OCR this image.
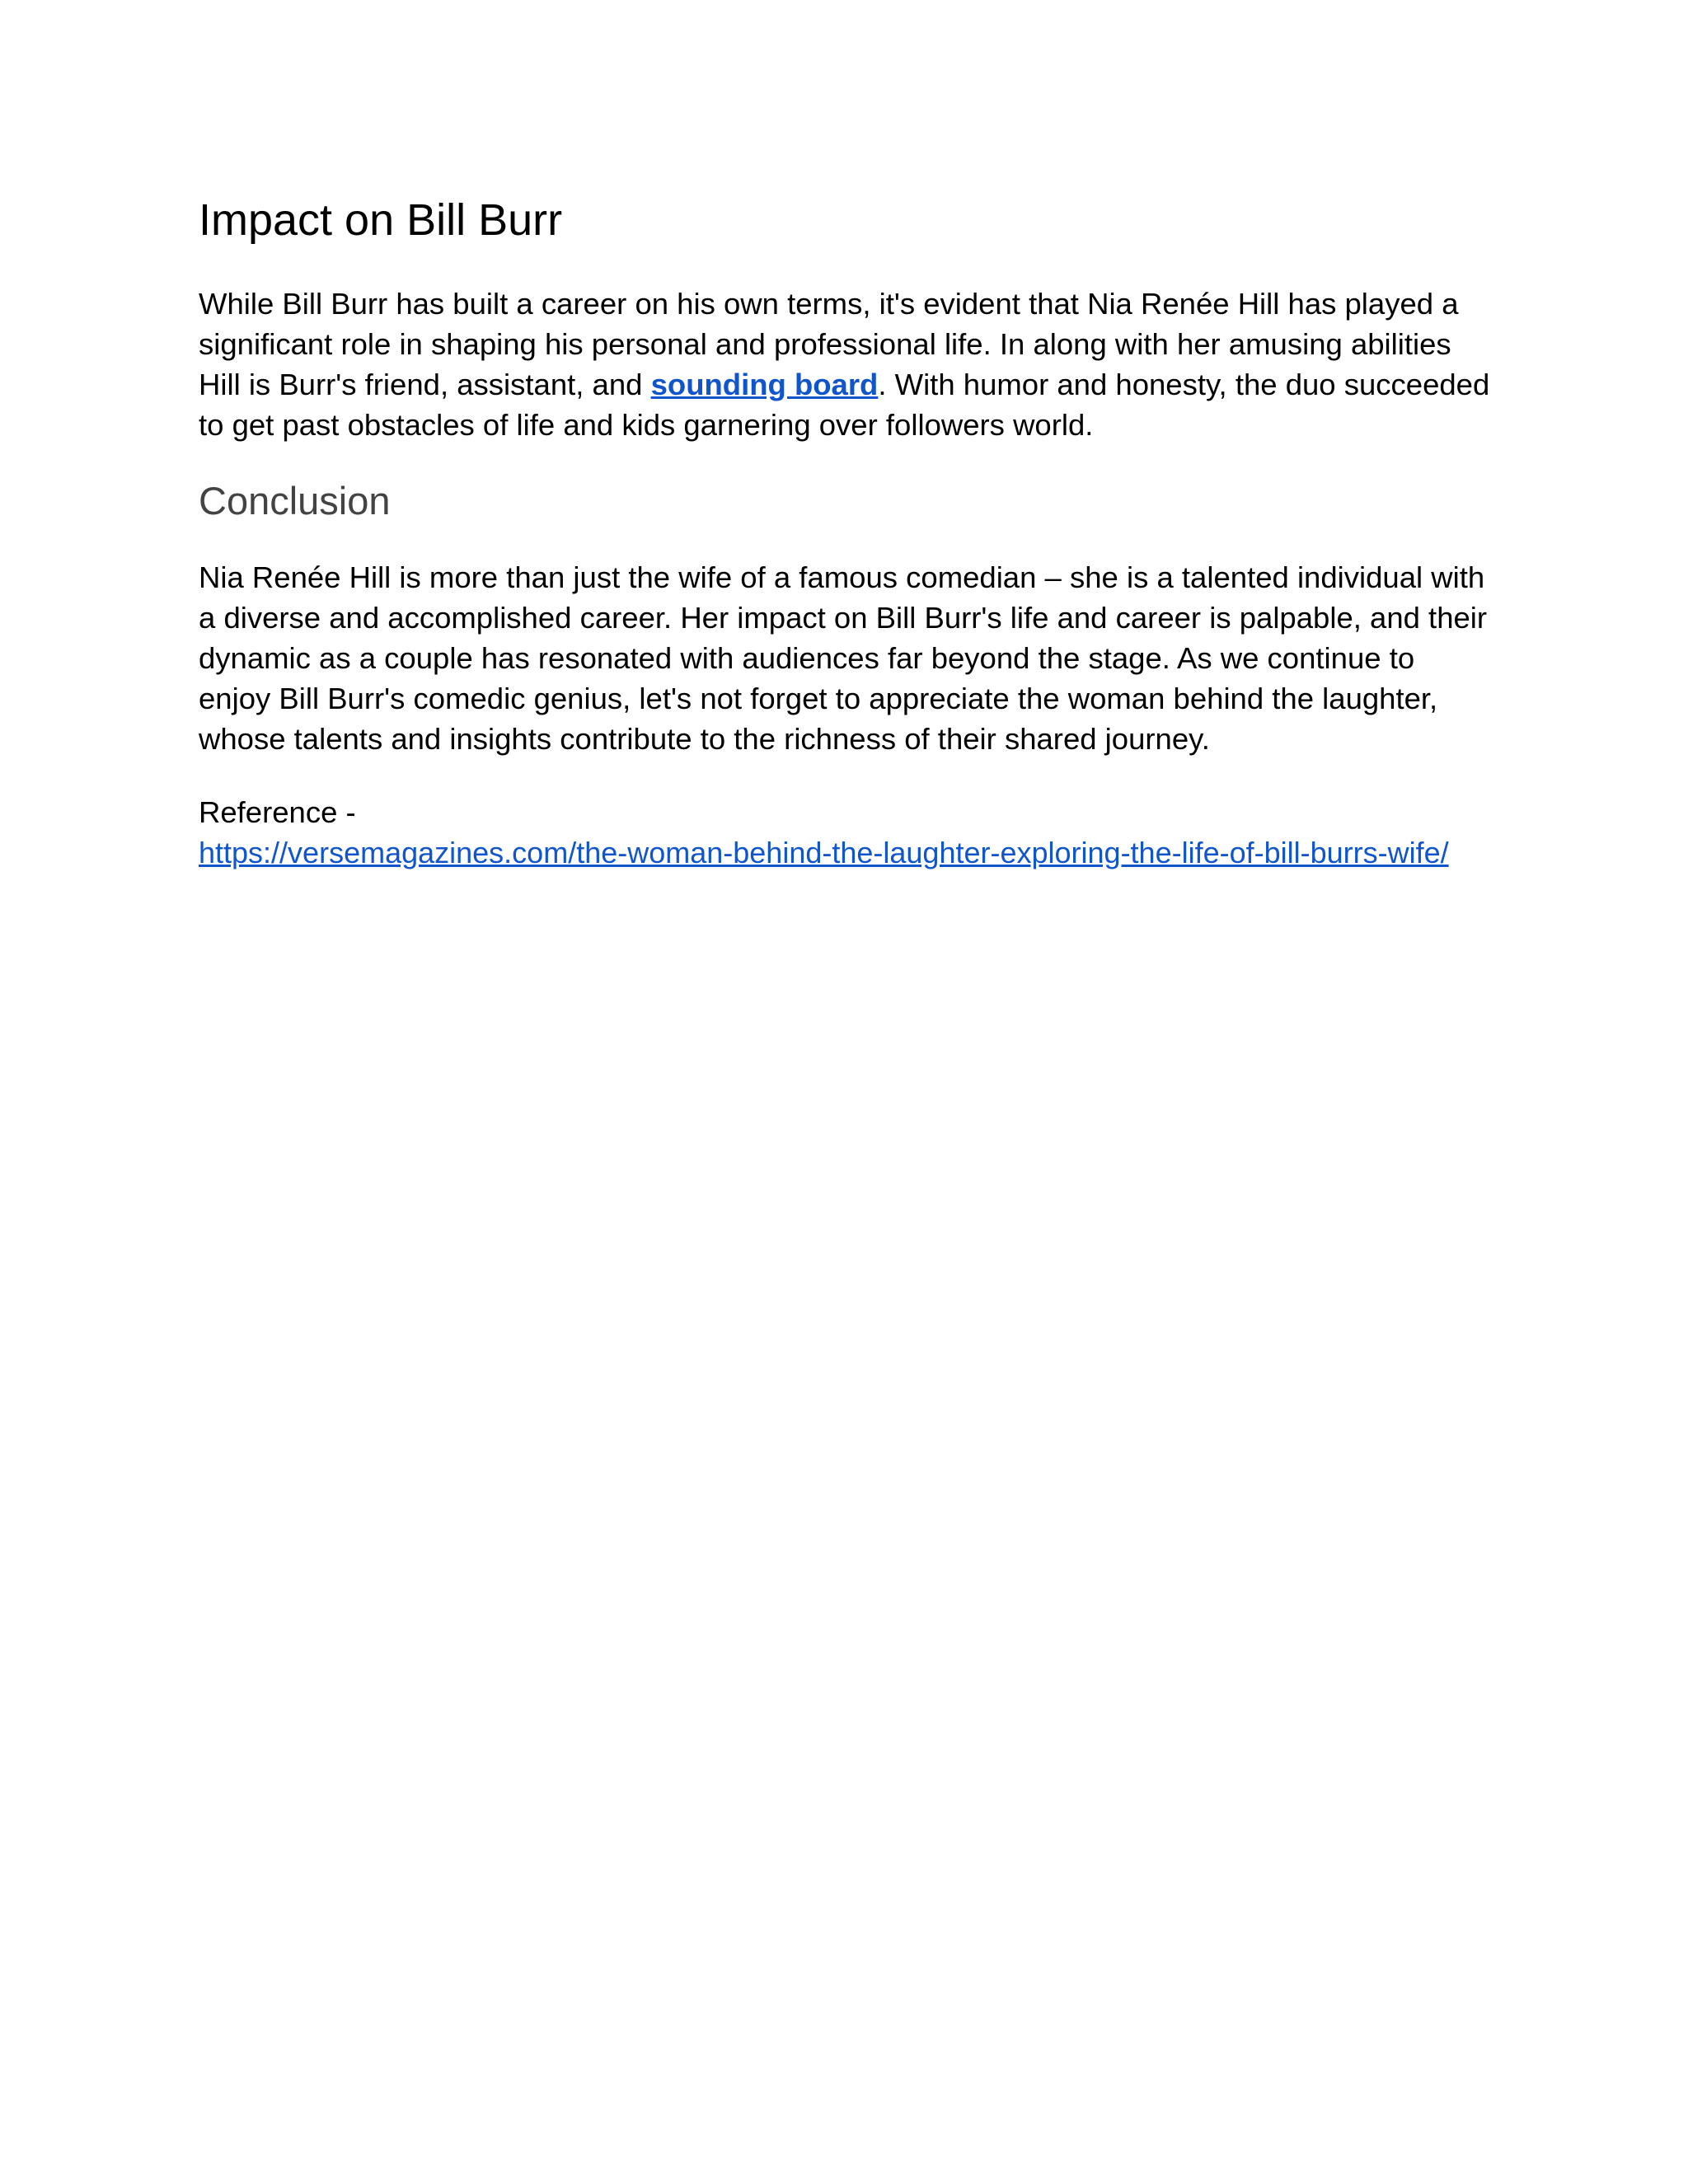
Impact on Bill Burr

While Bill Burr has built a career on his own terms, it's evident that Nia Renée Hill has played a significant role in shaping his personal and professional life. In along with her amusing abilities Hill is Burr's friend, assistant, and sounding board. With humor and honesty, the duo succeeded to get past obstacles of life and kids garnering over followers world.

Conclusion

Nia Renée Hill is more than just the wife of a famous comedian – she is a talented individual with a diverse and accomplished career. Her impact on Bill Burr's life and career is palpable, and their dynamic as a couple has resonated with audiences far beyond the stage. As we continue to enjoy Bill Burr's comedic genius, let's not forget to appreciate the woman behind the laughter, whose talents and insights contribute to the richness of their shared journey.

Reference -
https://versemagazines.com/the-woman-behind-the-laughter-exploring-the-life-of-bill-burrs-wife/
